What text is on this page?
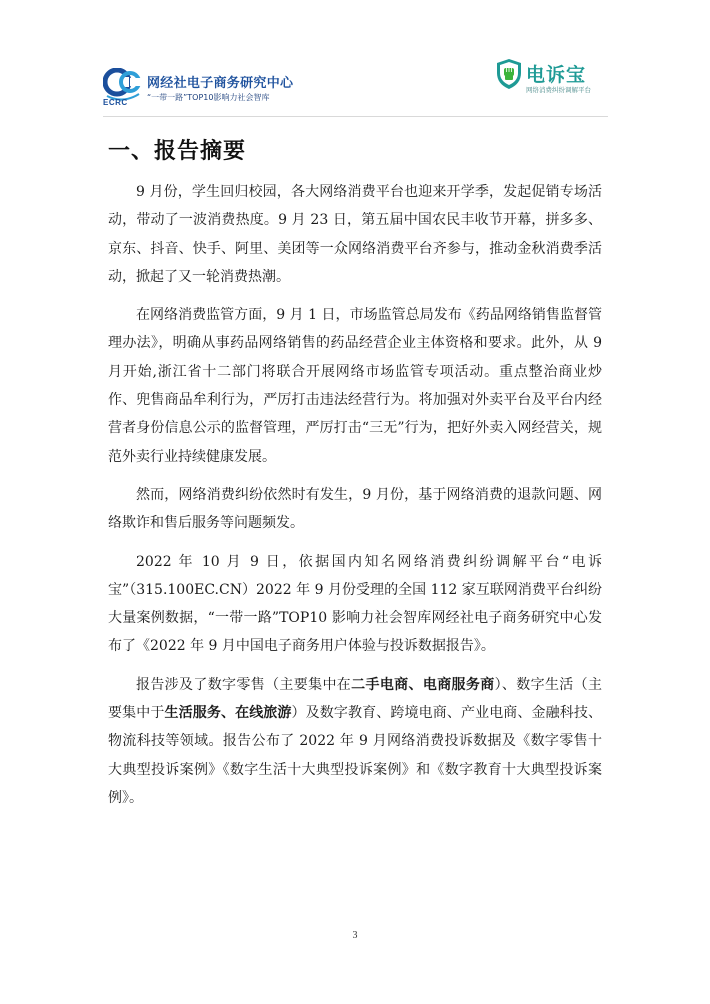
ECRC
网经社电子商务研究中心
“一带一路”TOP10影响力社会智库
电诉宝
网络消费纠纷调解平台
一、报告摘要

9 月份，学生回归校园，各大网络消费平台也迎来开学季，发起促销专场活动，带动了一波消费热度。9 月 23 日，第五届中国农民丰收节开幕，拼多多、京东、抖音、快手、阿里、美团等一众网络消费平台齐参与，推动金秋消费季活动，掀起了又一轮消费热潮。

在网络消费监管方面，9 月 1 日，市场监管总局发布《药品网络销售监督管理办法》，明确从事药品网络销售的药品经营企业主体资格和要求。此外，从 9 月开始,浙江省十二部门将联合开展网络市场监管专项活动。重点整治商业炒作、兜售商品牟利行为，严厉打击违法经营行为。将加强对外卖平台及平台内经营者身份信息公示的监督管理，严厉打击“三无”行为，把好外卖入网经营关，规范外卖行业持续健康发展。

然而，网络消费纠纷依然时有发生，9 月份，基于网络消费的退款问题、网络欺诈和售后服务等问题频发。

2022 年 10 月 9 日，依据国内知名网络消费纠纷调解平台“电诉宝”（315.100EC.CN）2022 年 9 月份受理的全国 112 家互联网消费平台纠纷大量案例数据，“一带一路”TOP10 影响力社会智库网经社电子商务研究中心发布了《2022 年 9 月中国电子商务用户体验与投诉数据报告》。

报告涉及了数字零售（主要集中在二手电商、电商服务商）、数字生活（主要集中于生活服务、在线旅游）及数字教育、跨境电商、产业电商、金融科技、物流科技等领域。报告公布了 2022 年 9 月网络消费投诉数据及《数字零售十大典型投诉案例》《数字生活十大典型投诉案例》和《数字教育十大典型投诉案例》。

3
